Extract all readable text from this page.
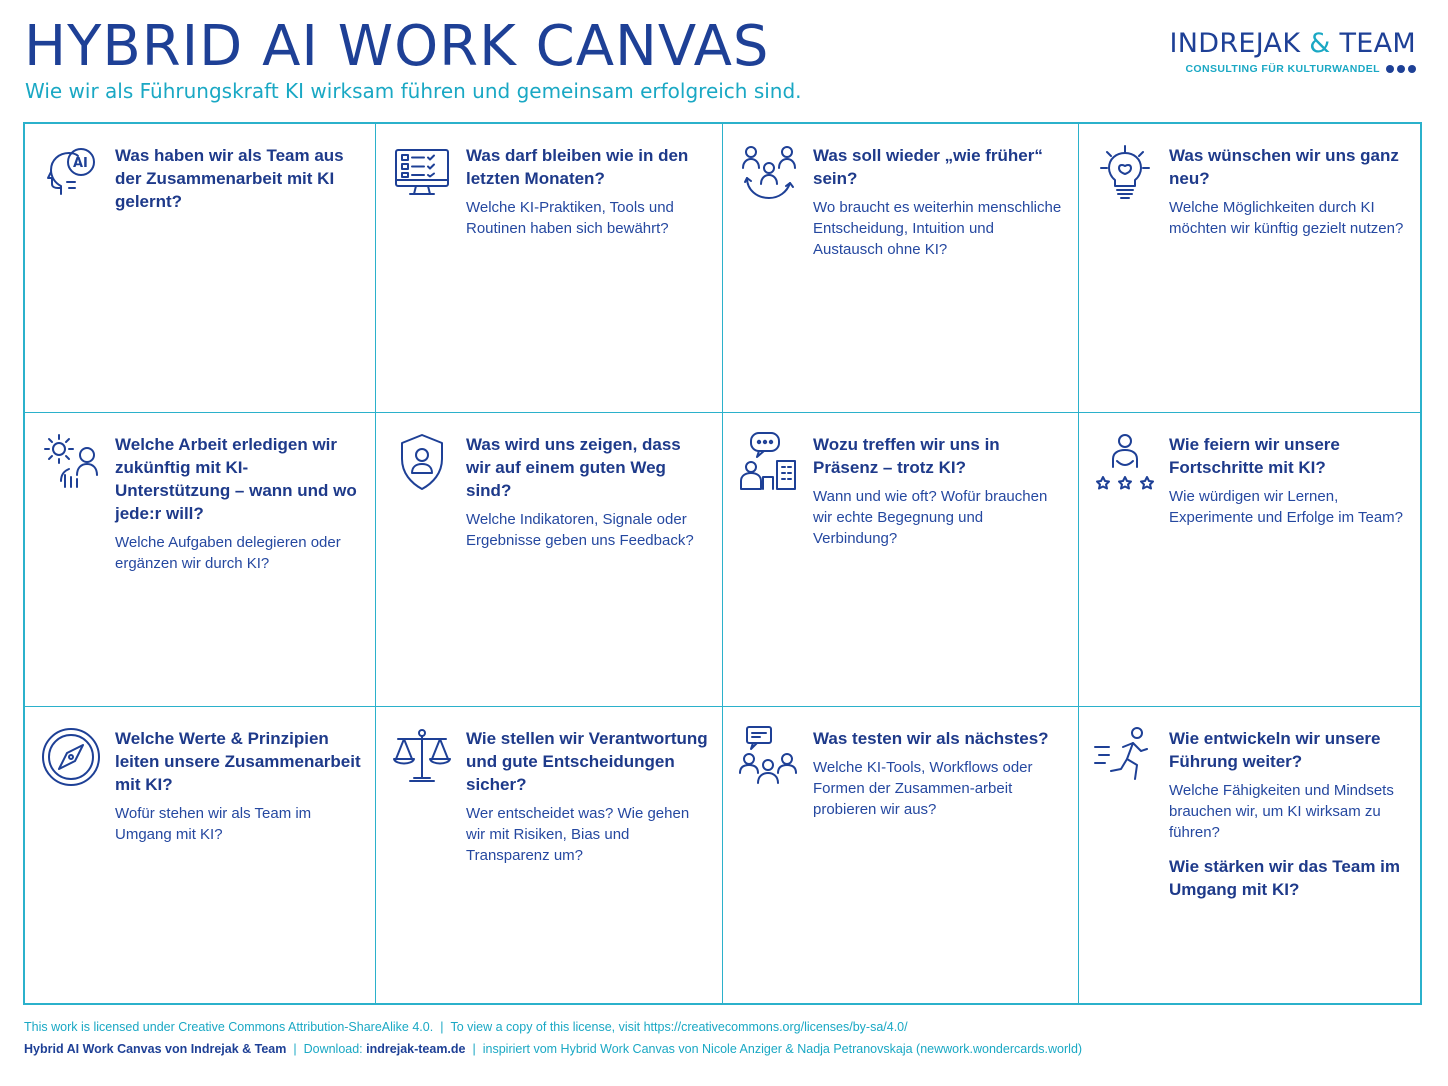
HYBRID AI WORK CANVAS
Wie wir als Führungskraft KI wirksam führen und gemeinsam erfolgreich sind.
INDREJAK & TEAM
CONSULTING FÜR KULTURWANDEL
AI Was haben wir als Team aus der Zusammenarbeit mit KI gelernt?
Was darf bleiben wie in den letzten Monaten?
Welche KI-Praktiken, Tools und Routinen haben sich bewährt?
Was soll wieder „wie früher“ sein?
Wo braucht es weiterhin menschliche Entscheidung, Intuition und Austausch ohne KI?
Was wünschen wir uns ganz neu?
Welche Möglichkeiten durch KI möchten wir künftig gezielt nutzen?
Welche Arbeit erledigen wir zukünftig mit KI-Unterstützung – wann und wo jede:r will?
Welche Aufgaben delegieren oder ergänzen wir durch KI?
Was wird uns zeigen, dass wir auf einem guten Weg sind?
Welche Indikatoren, Signale oder Ergebnisse geben uns Feedback?
Wozu treffen wir uns in Präsenz – trotz KI?
Wann und wie oft? Wofür brauchen wir echte Begegnung und Verbindung?
Wie feiern wir unsere Fortschritte mit KI?
Wie würdigen wir Lernen, Experimente und Erfolge im Team?
Welche Werte & Prinzipien leiten unsere Zusammenarbeit mit KI?
Wofür stehen wir als Team im Umgang mit KI?
Wie stellen wir Verantwortung und gute Entscheidungen sicher?
Wer entscheidet was? Wie gehen wir mit Risiken, Bias und Transparenz um?
Was testen wir als nächstes?
Welche KI-Tools, Workflows oder Formen der Zusammen-arbeit probieren wir aus?
Wie entwickeln wir unsere Führung weiter?
Welche Fähigkeiten und Mindsets brauchen wir, um KI wirksam zu führen?
Wie stärken wir das Team im Umgang mit KI?
This work is licensed under Creative Commons Attribution-ShareAlike 4.0. | To view a copy of this license, visit https://creativecommons.org/licenses/by-sa/4.0/
Hybrid AI Work Canvas von Indrejak & Team | Download: indrejak-team.de | inspiriert vom Hybrid Work Canvas von Nicole Anziger & Nadja Petranovskaja (newwork.wondercards.world)
